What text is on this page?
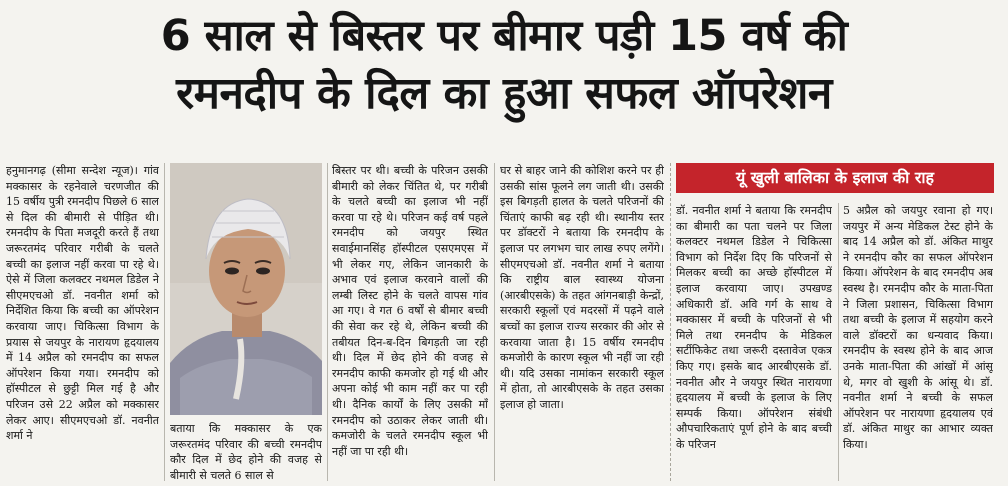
6 साल से बिस्तर पर बीमार पड़ी 15 वर्ष की
रमनदीप के दिल का हुआ सफल ऑपरेशन
हनुमानगढ़ (सीमा सन्देश न्यूज)। गांव मक्कासर के रहनेवाले चरणजीत की 15 वर्षीय पुत्री रमनदीप पिछले 6 साल से दिल की बीमारी से पीड़ित थी। रमनदीप के पिता मजदूरी करते हैं तथा जरूरतमंद परिवार गरीबी के चलते बच्ची का इलाज नहीं करवा पा रहे थे। ऐसे में जिला कलक्टर नथमल डिडेल ने सीएमएचओ डॉ. नवनीत शर्मा को निर्देशित किया कि बच्ची का ऑपरेशन करवाया जाए। चिकित्सा विभाग के प्रयास से जयपुर के नारायण हृदयालय में 14 अप्रैल को रमनदीप का सफल ऑपरेशन किया गया। रमनदीप को हॉस्पीटल से छुट्टी मिल गई है और परिजन उसे 22 अप्रैल को मक्कासर लेकर आए। सीएमएचओ डॉ. नवनीत शर्मा ने
बताया कि मक्कासर के एक जरूरतमंद परिवार की बच्ची रमनदीप कौर दिल में छेद होने की वजह से बीमारी से चलते 6 साल से
बिस्तर पर थी। बच्ची के परिजन उसकी बीमारी को लेकर चिंतित थे, पर गरीबी के चलते बच्ची का इलाज भी नहीं करवा पा रहे थे। परिजन कई वर्ष पहले रमनदीप को जयपुर स्थित सवाईमानसिंह हॉस्पीटल एसएमएस में भी लेकर गए, लेकिन जानकारी के अभाव एवं इलाज करवाने वालों की लम्बी लिस्ट होने के चलते वापस गांव आ गए। वे गत 6 वर्षों से बीमार बच्ची की सेवा कर रहे थे, लेकिन बच्ची की तबीयत दिन-ब-दिन बिगड़ती जा रही थी। दिल में छेद होने की वजह से रमनदीप काफी कमजोर हो गई थी और अपना कोई भी काम नहीं कर पा रही थी। दैनिक कार्यों के लिए उसकी माँ रमनदीप को उठाकर लेकर जाती थी। कमजोरी के चलते रमनदीप स्कूल भी नहीं जा पा रही थी।
घर से बाहर जाने की कोशिश करने पर ही उसकी सांस फूलने लग जाती थी। उसकी इस बिगड़ती हालत के चलते परिजनों की चिंताएं काफी बढ़ रही थी। स्थानीय स्तर पर डॉक्टरों ने बताया कि रमनदीप के इलाज पर लगभग चार लाख रुपए लगेंगे। सीएमएचओ डॉ. नवनीत शर्मा ने बताया कि राष्ट्रीय बाल स्वास्थ्य योजना (आरबीएसके) के तहत आंगनबाड़ी केन्द्रों, सरकारी स्कूलों एवं मदरसों में पढ़ने वाले बच्चों का इलाज राज्य सरकार की ओर से करवाया जाता है। 15 वर्षीय रमनदीप कमजोरी के कारण स्कूल भी नहीं जा रही थी। यदि उसका नामांकन सरकारी स्कूल में होता, तो आरबीएसके के तहत उसका इलाज हो जाता।
यूं खुली बालिका के इलाज की राह
डॉ. नवनीत शर्मा ने बताया कि रमनदीप का बीमारी का पता चलने पर जिला कलक्टर नथमल डिडेल ने चिकित्सा विभाग को निर्देश दिए कि परिजनों से मिलकर बच्ची का अच्छे हॉस्पीटल में इलाज करवाया जाए। उपखण्ड अधिकारी डॉ. अवि गर्ग के साथ वे मक्कासर में बच्ची के परिजनों से भी मिले तथा रमनदीप के मेडिकल सर्टीफिकेट तथा जरूरी दस्तावेज एकत्र किए गए। इसके बाद आरबीएसके डॉ. नवनीत और ने जयपुर स्थित नारायणा हृदयालय में बच्ची के इलाज के लिए सम्पर्क किया। ऑपरेशन संबंधी औपचारिकताएं पूर्ण होने के बाद बच्ची के परिजन
5 अप्रैल को जयपुर रवाना हो गए। जयपुर में अन्य मेडिकल टेस्ट होने के बाद 14 अप्रैल को डॉ. अंकित माथुर ने रमनदीप कौर का सफल ऑपरेशन किया। ऑपरेशन के बाद रमनदीप अब स्वस्थ है। रमनदीप कौर के माता-पिता ने जिला प्रशासन, चिकित्सा विभाग तथा बच्ची के इलाज में सहयोग करने वाले डॉक्टरों का धन्यवाद किया। रमनदीप के स्वस्थ होने के बाद आज उनके माता-पिता की आंखों में आंसू थे, मगर वो खुशी के आंसू थे। डॉ. नवनीत शर्मा ने बच्ची के सफल ऑपरेशन पर नारायणा हृदयालय एवं डॉ. अंकित माथुर का आभार व्यक्त किया।
